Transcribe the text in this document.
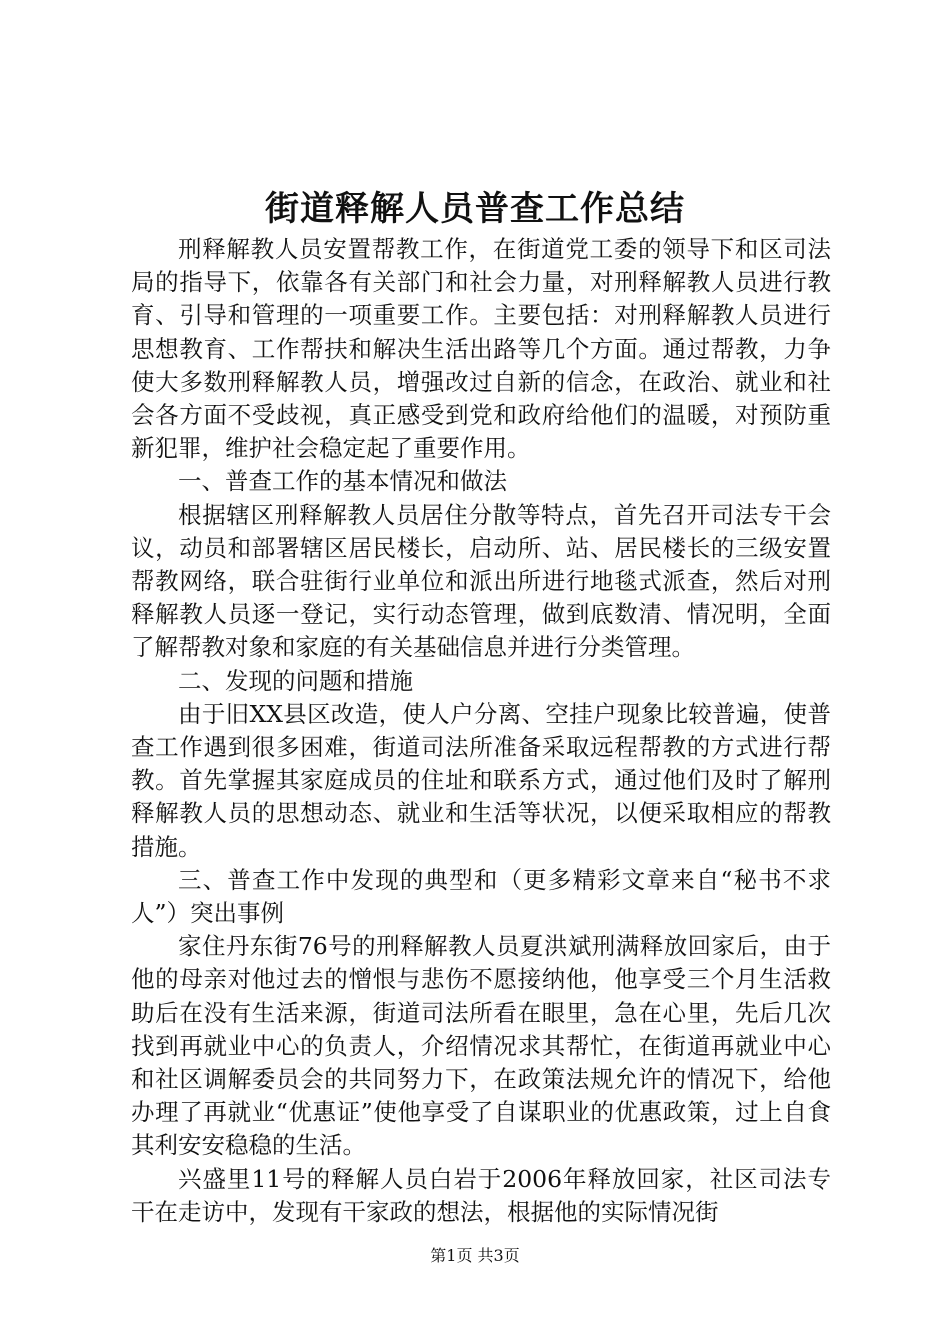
街道释解人员普查工作总结

刑释解教人员安置帮教工作，在街道党工委的领导下和区司法局的指导下，依靠各有关部门和社会力量，对刑释解教人员进行教育、引导和管理的一项重要工作。主要包括：对刑释解教人员进行思想教育、工作帮扶和解决生活出路等几个方面。通过帮教，力争使大多数刑释解教人员，增强改过自新的信念，在政治、就业和社会各方面不受歧视，真正感受到党和政府给他们的温暖，对预防重新犯罪，维护社会稳定起了重要作用。

一、普查工作的基本情况和做法

根据辖区刑释解教人员居住分散等特点，首先召开司法专干会议，动员和部署辖区居民楼长，启动所、站、居民楼长的三级安置帮教网络，联合驻街行业单位和派出所进行地毯式派查，然后对刑释解教人员逐一登记，实行动态管理，做到底数清、情况明，全面了解帮教对象和家庭的有关基础信息并进行分类管理。

二、发现的问题和措施

由于旧XX县区改造，使人户分离、空挂户现象比较普遍，使普查工作遇到很多困难，街道司法所准备采取远程帮教的方式进行帮教。首先掌握其家庭成员的住址和联系方式，通过他们及时了解刑释解教人员的思想动态、就业和生活等状况，以便采取相应的帮教措施。

三、普查工作中发现的典型和（更多精彩文章来自“秘书不求人”）突出事例

家住丹东街76号的刑释解教人员夏洪斌刑满释放回家后，由于他的母亲对他过去的憎恨与悲伤不愿接纳他，他享受三个月生活救助后在没有生活来源，街道司法所看在眼里，急在心里，先后几次找到再就业中心的负责人，介绍情况求其帮忙，在街道再就业中心和社区调解委员会的共同努力下，在政策法规允许的情况下，给他办理了再就业“优惠证”使他享受了自谋职业的优惠政策，过上自食其利安安稳稳的生活。

兴盛里11号的释解人员白岩于2006年释放回家，社区司法专干在走访中，发现有干家政的想法，根据他的实际情况街

第1页 共3页
